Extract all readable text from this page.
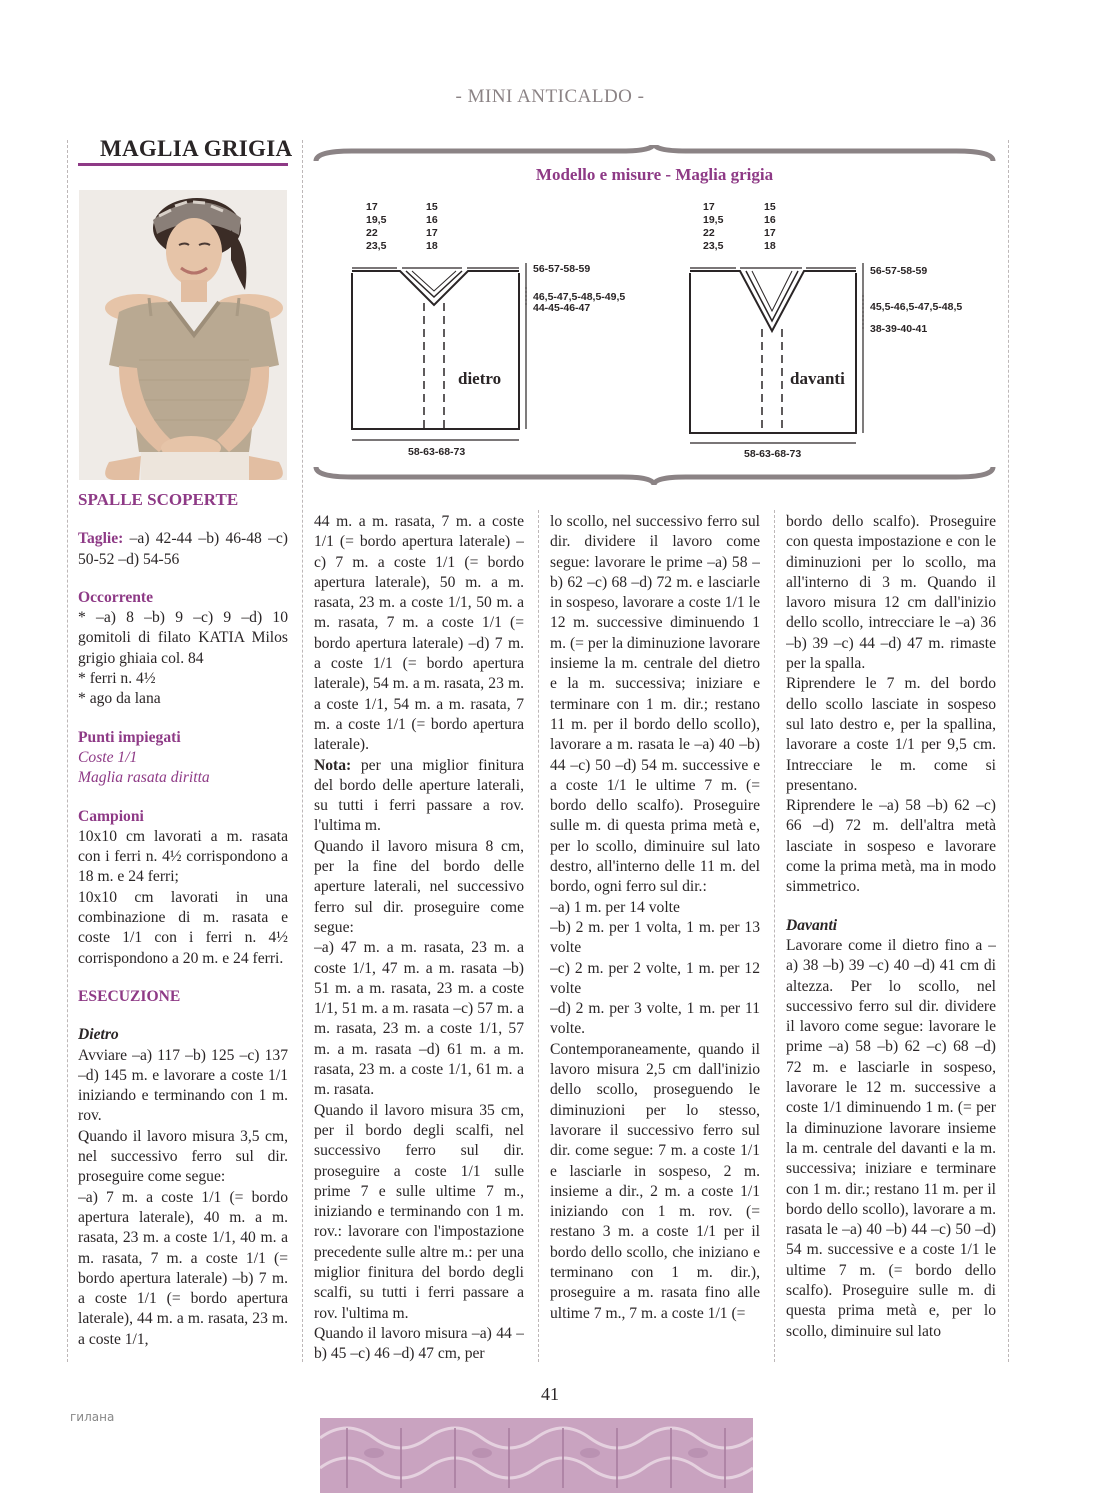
- MINI ANTICALDO -
MAGLIA GRIGIA
17
19,5
22
23,5
15
16
17
18
56-57-58-59
46,5-47,5-48,5-49,5
44-45-46-47
dietro
58-63-68-73
17
19,5
22
23,5
15
16
17
18
56-57-58-59
45,5-46,5-47,5-48,5
38-39-40-41
davanti
58-63-68-73
Modello e misure - Maglia grigia

SPALLE SCOPERTE

Taglie: –a) 42-44 –b) 46-48 –c) 50-52 –d) 54-56

Occorrente

* –a) 8 –b) 9 –c) 9 –d) 10 gomitoli di filato KATIA Milos grigio ghiaia col. 84

* ferri n. 4½

* ago da lana

Punti impiegati

Coste 1/1

Maglia rasata diritta

Campioni

10x10 cm lavorati a m. rasata con i ferri n. 4½ corrispondono a 18 m. e 24 ferri;

10x10 cm lavorati in una combinazione di m. rasata e coste 1/1 con i ferri n. 4½ corrispondono a 20 m. e 24 ferri.

ESECUZIONE

Dietro

Avviare –a) 117 –b) 125 –c) 137 –d) 145 m. e lavorare a coste 1/1 iniziando e terminando con 1 m. rov.

Quando il lavoro misura 3,5 cm, nel successivo ferro sul dir. proseguire come segue:

–a) 7 m. a coste 1/1 (= bordo apertura laterale), 40 m. a m. rasata, 23 m. a coste 1/1, 40 m. a m. rasata, 7 m. a coste 1/1 (= bordo apertura laterale) –b) 7 m. a coste 1/1 (= bordo apertura laterale), 44 m. a m. rasata, 23 m. a coste 1/1,

44 m. a m. rasata, 7 m. a coste 1/1 (= bordo apertura laterale) –c) 7 m. a coste 1/1 (= bordo apertura laterale), 50 m. a m. rasata, 23 m. a coste 1/1, 50 m. a m. rasata, 7 m. a coste 1/1 (= bordo apertura laterale) –d) 7 m. a coste 1/1 (= bordo apertura laterale), 54 m. a m. rasata, 23 m. a coste 1/1, 54 m. a m. rasata, 7 m. a coste 1/1 (= bordo apertura laterale).

Nota: per una miglior finitura del bordo delle aperture laterali, su tutti i ferri passare a rov. l'ultima m.

Quando il lavoro misura 8 cm, per la fine del bordo delle aperture laterali, nel successivo ferro sul dir. proseguire come segue:

–a) 47 m. a m. rasata, 23 m. a coste 1/1, 47 m. a m. rasata –b) 51 m. a m. rasata, 23 m. a coste 1/1, 51 m. a m. rasata –c) 57 m. a m. rasata, 23 m. a coste 1/1, 57 m. a m. rasata –d) 61 m. a m. rasata, 23 m. a coste 1/1, 61 m. a m. rasata.

Quando il lavoro misura 35 cm, per il bordo degli scalfi, nel successivo ferro sul dir. proseguire a coste 1/1 sulle prime 7 e sulle ultime 7 m., iniziando e terminando con 1 m. rov.: lavorare con l'impostazione precedente sulle altre m.: per una miglior finitura del bordo degli scalfi, su tutti i ferri passare a rov. l'ultima m.

Quando il lavoro misura –a) 44 –b) 45 –c) 46 –d) 47 cm, per

lo scollo, nel successivo ferro sul dir. dividere il lavoro come segue: lavorare le prime –a) 58 –b) 62 –c) 68 –d) 72 m. e lasciarle in sospeso, lavorare a coste 1/1 le 12 m. successive diminuendo 1 m. (= per la diminuzione lavorare insieme la m. centrale del dietro e la m. successiva; iniziare e terminare con 1 m. dir.; restano 11 m. per il bordo dello scollo), lavorare a m. rasata le –a) 40 –b) 44 –c) 50 –d) 54 m. successive e a coste 1/1 le ultime 7 m. (= bordo dello scalfo). Proseguire sulle m. di questa prima metà e, per lo scollo, diminuire sul lato destro, all'interno delle 11 m. del bordo, ogni ferro sul dir.:

–a) 1 m. per 14 volte

–b) 2 m. per 1 volta, 1 m. per 13 volte

–c) 2 m. per 2 volte, 1 m. per 12 volte

–d) 2 m. per 3 volte, 1 m. per 11 volte.

Contemporaneamente, quando il lavoro misura 2,5 cm dall'inizio dello scollo, proseguendo le diminuzioni per lo stesso, lavorare il successivo ferro sul dir. come segue: 7 m. a coste 1/1 e lasciarle in sospeso, 2 m. insieme a dir., 2 m. a coste 1/1 iniziando con 1 m. rov. (= restano 3 m. a coste 1/1 per il bordo dello scollo, che iniziano e terminano con 1 m. dir.), proseguire a m. rasata fino alle ultime 7 m., 7 m. a coste 1/1 (=

bordo dello scalfo). Proseguire con questa impostazione e con le diminuzioni per lo scollo, ma all'interno di 3 m. Quando il lavoro misura 12 cm dall'inizio dello scollo, intrecciare le –a) 36 –b) 39 –c) 44 –d) 47 m. rimaste per la spalla.

Riprendere le 7 m. del bordo dello scollo lasciate in sospeso sul lato destro e, per la spallina, lavorare a coste 1/1 per 9,5 cm. Intrecciare le m. come si presentano.

Riprendere le –a) 58 –b) 62 –c) 66 –d) 72 m. dell'altra metà lasciate in sospeso e lavorare come la prima metà, ma in modo simmetrico.

Davanti

Lavorare come il dietro fino a –a) 38 –b) 39 –c) 40 –d) 41 cm di altezza. Per lo scollo, nel successivo ferro sul dir. dividere il lavoro come segue: lavorare le prime –a) 58 –b) 62 –c) 68 –d) 72 m. e lasciarle in sospeso, lavorare le 12 m. successive a coste 1/1 diminuendo 1 m. (= per la diminuzione lavorare insieme la m. centrale del davanti e la m. successiva; iniziare e terminare con 1 m. dir.; restano 11 m. per il bordo dello scollo), lavorare a m. rasata le –a) 40 –b) 44 –c) 50 –d) 54 m. successive e a coste 1/1 le ultime 7 m. (= bordo dello scalfo). Proseguire sulle m. di questa prima metà e, per lo scollo, diminuire sul lato

41
гилана
